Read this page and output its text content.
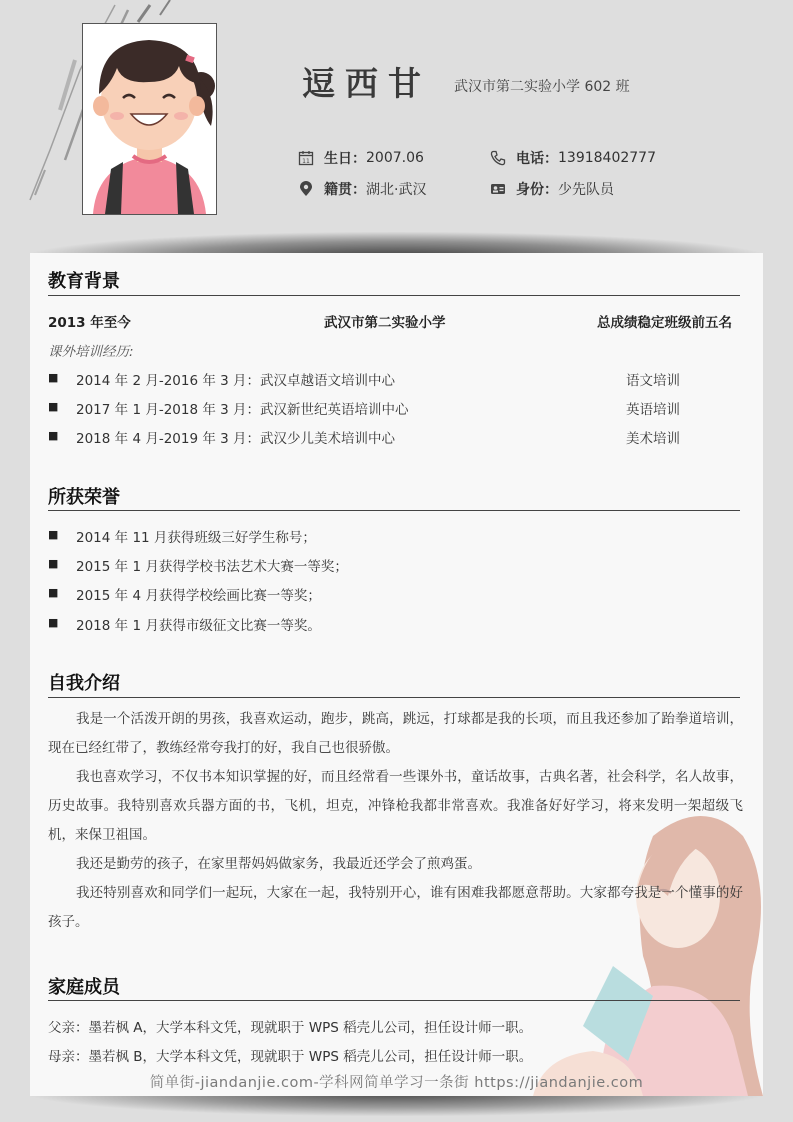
逗西甘 武汉市第二实验小学 602 班
11 生日： 2007.06	电话： 13918402777
籍贯： 湖北·武汉	身份： 少先队员
教育背景
2013 年至今	武汉市第二实验小学	总成绩稳定班级前五名
课外培训经历:
■ 2014 年 2 月-2016 年 3 月：武汉卓越语文培训中心	语文培训
■ 2017 年 1 月-2018 年 3 月：武汉新世纪英语培训中心	英语培训
■ 2018 年 4 月-2019 年 3 月：武汉少儿美术培训中心	美术培训
所获荣誉
■ 2014 年 11 月获得班级三好学生称号；
■ 2015 年 1 月获得学校书法艺术大赛一等奖；
■ 2015 年 4 月获得学校绘画比赛一等奖；
■ 2018 年 1 月获得市级征文比赛一等奖。
自我介绍
我是一个活泼开朗的男孩，我喜欢运动，跑步，跳高，跳远，打球都是我的长项，而且我还参加了跆拳道培训，现在已经红带了，教练经常夸我打的好，我自己也很骄傲。
我也喜欢学习，不仅书本知识掌握的好，而且经常看一些课外书，童话故事，古典名著，社会科学，名人故事，历史故事。我特别喜欢兵器方面的书，飞机，坦克，冲锋枪我都非常喜欢。我准备好好学习，将来发明一架超级飞机，来保卫祖国。
我还是勤劳的孩子，在家里帮妈妈做家务，我最近还学会了煎鸡蛋。
我还特别喜欢和同学们一起玩，大家在一起，我特别开心，谁有困难我都愿意帮助。大家都夸我是一个懂事的好孩子。
家庭成员
父亲：墨若枫 A，大学本科文凭，现就职于 WPS 稻壳儿公司，担任设计师一职。
母亲：墨若枫 B，大学本科文凭，现就职于 WPS 稻壳儿公司，担任设计师一职。
简单街-jiandanjie.com-学科网简单学习一条街 https://jiandanjie.com
